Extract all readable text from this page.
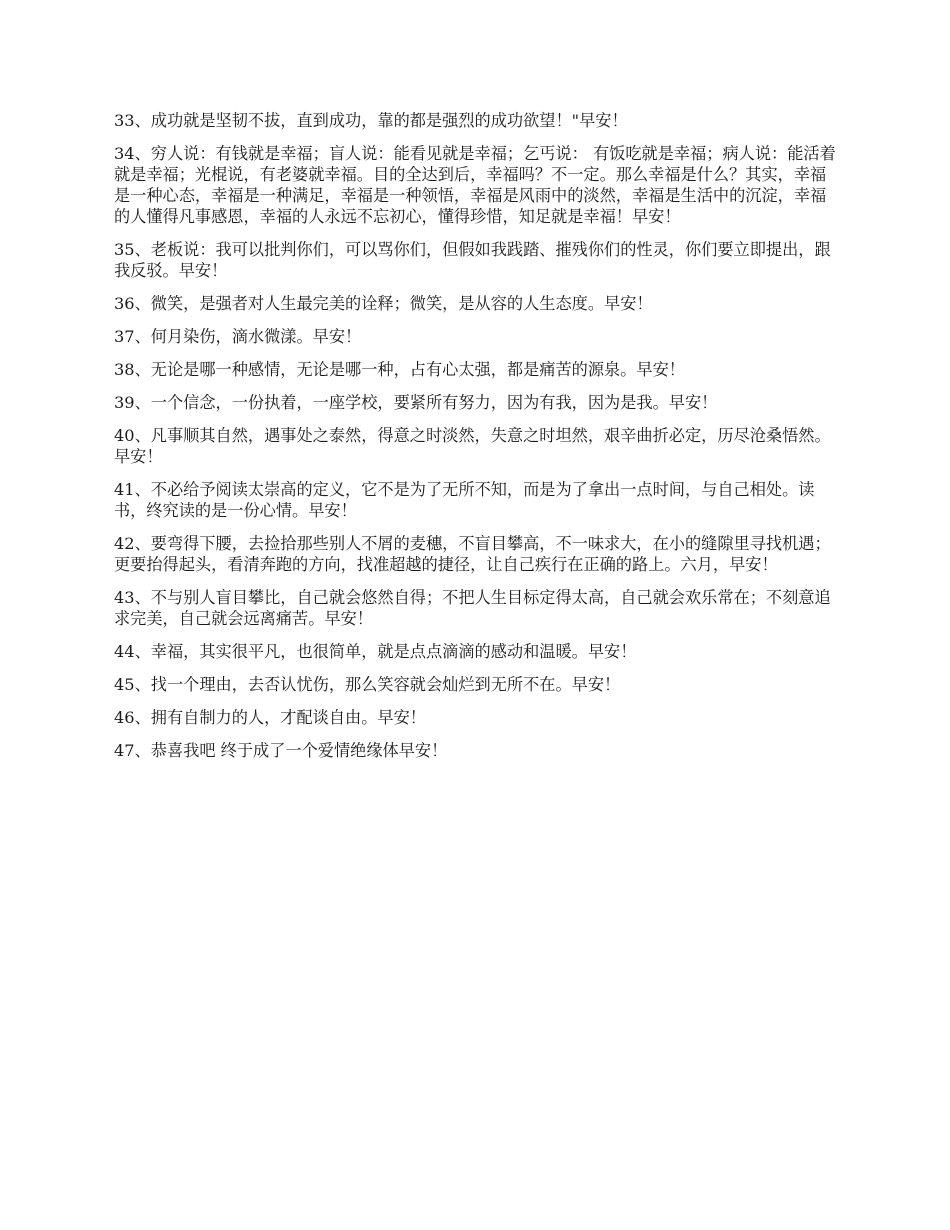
33、成功就是坚韧不拔，直到成功，靠的都是强烈的成功欲望！"早安！

34、穷人说：有钱就是幸福；盲人说：能看见就是幸福；乞丐说： 有饭吃就是幸福；病人说：能活着就是幸福；光棍说，有老婆就幸福。目的全达到后，幸福吗？不一定。那么幸福是什么？其实，幸福是一种心态，幸福是一种满足，幸福是一种领悟，幸福是风雨中的淡然，幸福是生活中的沉淀，幸福的人懂得凡事感恩，幸福的人永远不忘初心，懂得珍惜，知足就是幸福！早安！

35、老板说：我可以批判你们，可以骂你们，但假如我践踏、摧残你们的性灵，你们要立即提出，跟我反驳。早安！

36、微笑，是强者对人生最完美的诠释；微笑，是从容的人生态度。早安！

37、何月染伤，滴水微漾。早安！

38、无论是哪一种感情，无论是哪一种，占有心太强，都是痛苦的源泉。早安！

39、一个信念，一份执着，一座学校，要紧所有努力，因为有我，因为是我。早安！

40、凡事顺其自然，遇事处之泰然，得意之时淡然，失意之时坦然，艰辛曲折必定，历尽沧桑悟然。早安！

41、不必给予阅读太崇高的定义，它不是为了无所不知，而是为了拿出一点时间，与自己相处。读书，终究读的是一份心情。早安！

42、要弯得下腰，去捡拾那些别人不屑的麦穗，不盲目攀高，不一味求大，在小的缝隙里寻找机遇；更要抬得起头，看清奔跑的方向，找准超越的捷径，让自己疾行在正确的路上。六月，早安！

43、不与别人盲目攀比，自己就会悠然自得；不把人生目标定得太高，自己就会欢乐常在；不刻意追求完美，自己就会远离痛苦。早安！

44、幸福，其实很平凡，也很简单，就是点点滴滴的感动和温暖。早安！

45、找一个理由，去否认忧伤，那么笑容就会灿烂到无所不在。早安！

46、拥有自制力的人，才配谈自由。早安！

47、恭喜我吧 终于成了一个爱情绝缘体早安！
